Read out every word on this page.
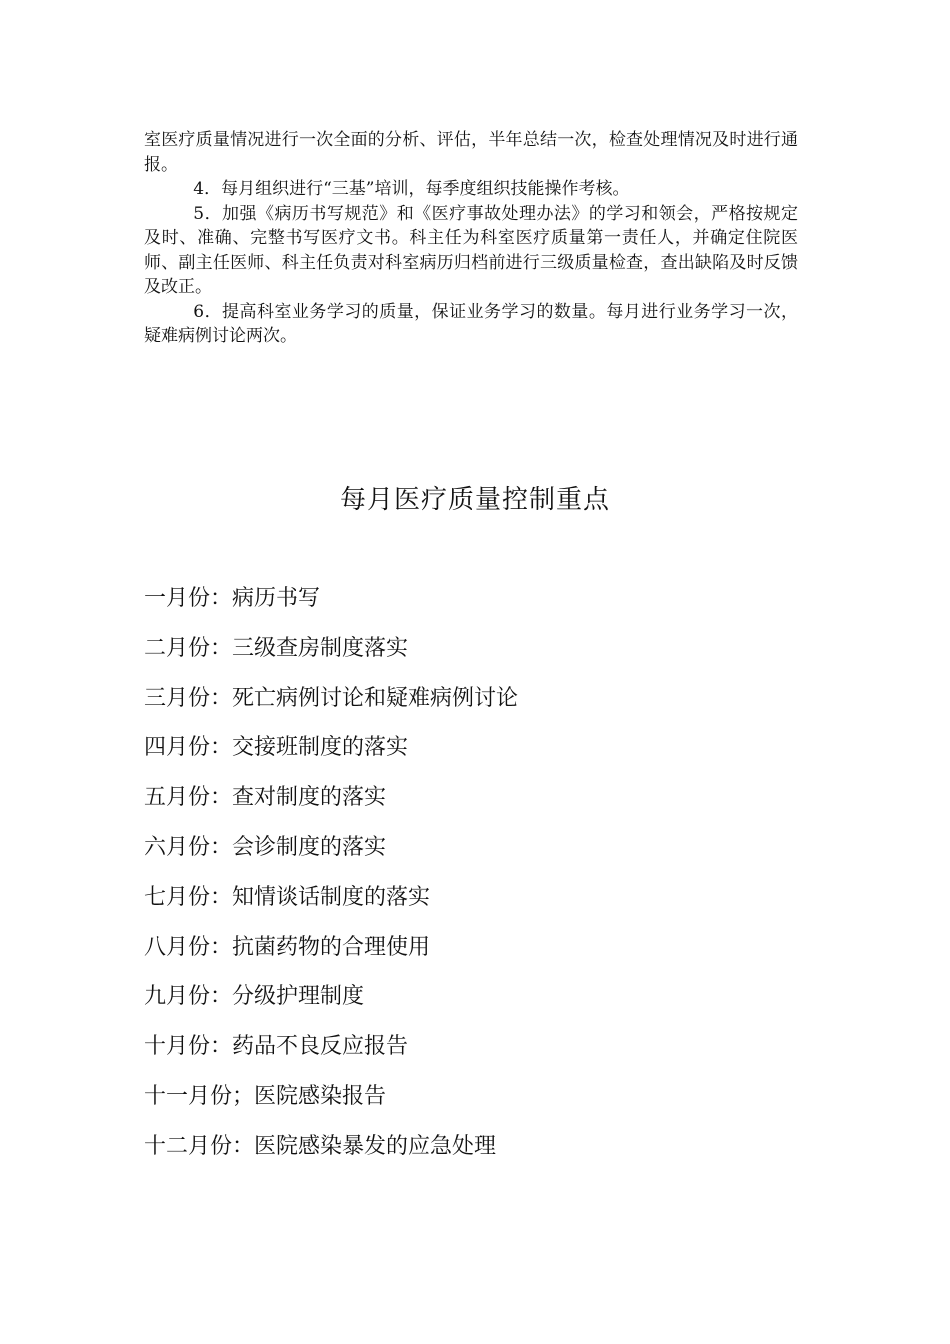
室医疗质量情况进行一次全面的分析、评估，半年总结一次，检查处理情况及时进行通报。

4．每月组织进行“三基”培训，每季度组织技能操作考核。

5．加强《病历书写规范》和《医疗事故处理办法》的学习和领会，严格按规定及时、准确、完整书写医疗文书。科主任为科室医疗质量第一责任人，并确定住院医师、副主任医师、科主任负责对科室病历归档前进行三级质量检查，查出缺陷及时反馈及改正。

6．提高科室业务学习的质量，保证业务学习的数量。每月进行业务学习一次，疑难病例讨论两次。

每月医疗质量控制重点
一月份：病历书写
二月份：三级查房制度落实
三月份：死亡病例讨论和疑难病例讨论
四月份：交接班制度的落实
五月份：查对制度的落实
六月份：会诊制度的落实
七月份：知情谈话制度的落实
八月份：抗菌药物的合理使用
九月份：分级护理制度
十月份：药品不良反应报告
十一月份；医院感染报告
十二月份：医院感染暴发的应急处理
